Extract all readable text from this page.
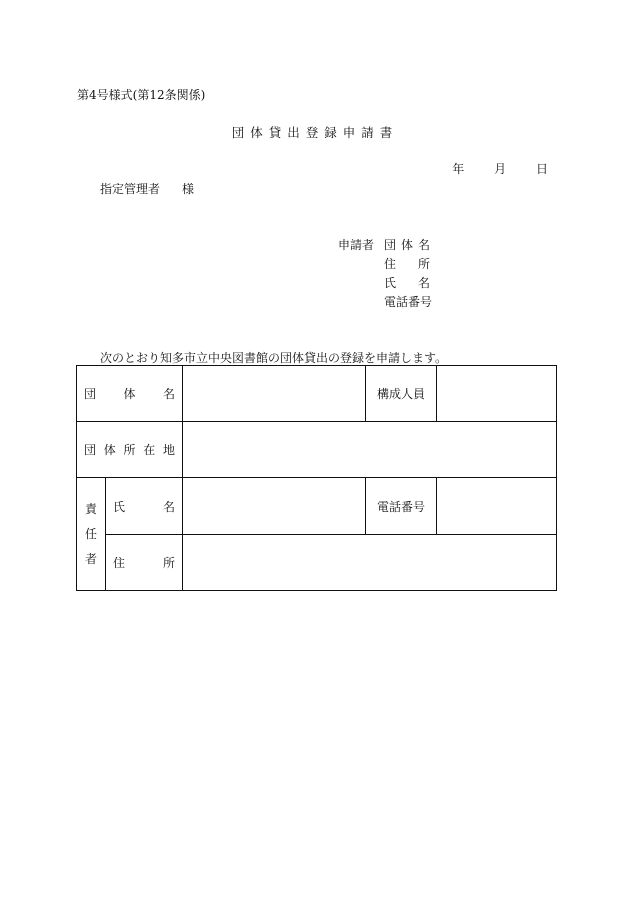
第4号様式(第12条関係)
団体貸出登録申請書
年 月 日
指定管理者 様
申請者 団体名
住所
氏名
電話番号
次のとおり知多市立中央図書館の団体貸出の登録を申請します。
団体名			構成人員	
団体所在地				

責
任
者	氏名		電話番号	
	住所			
